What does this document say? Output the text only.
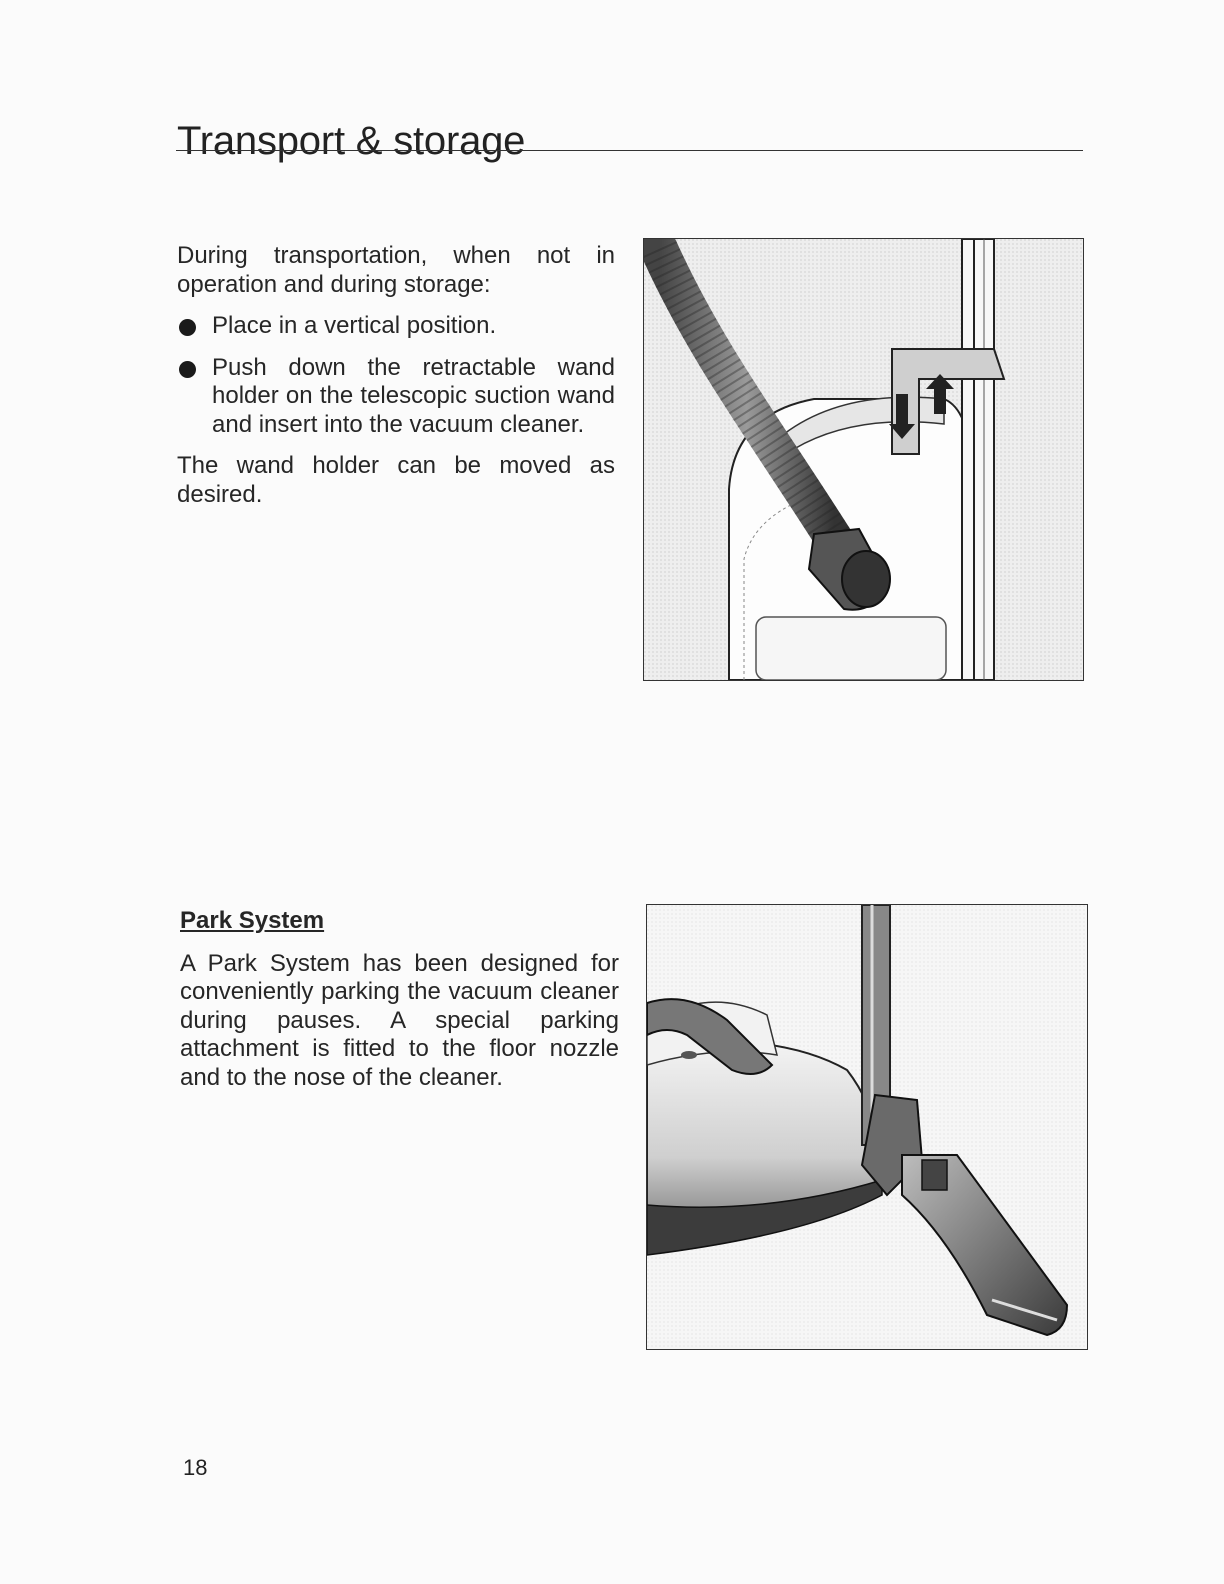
Transport & storage

During transportation, when not in operation and during storage:

Place in a vertical position.
Push down the retractable wand holder on the telescopic suction wand and insert into the vacuum cleaner.

The wand holder can be moved as desired.

Park System

A Park System has been designed for conveniently parking the vacuum cleaner during pauses. A special parking attachment is fitted to the floor nozzle and to the nose of the cleaner.

18
